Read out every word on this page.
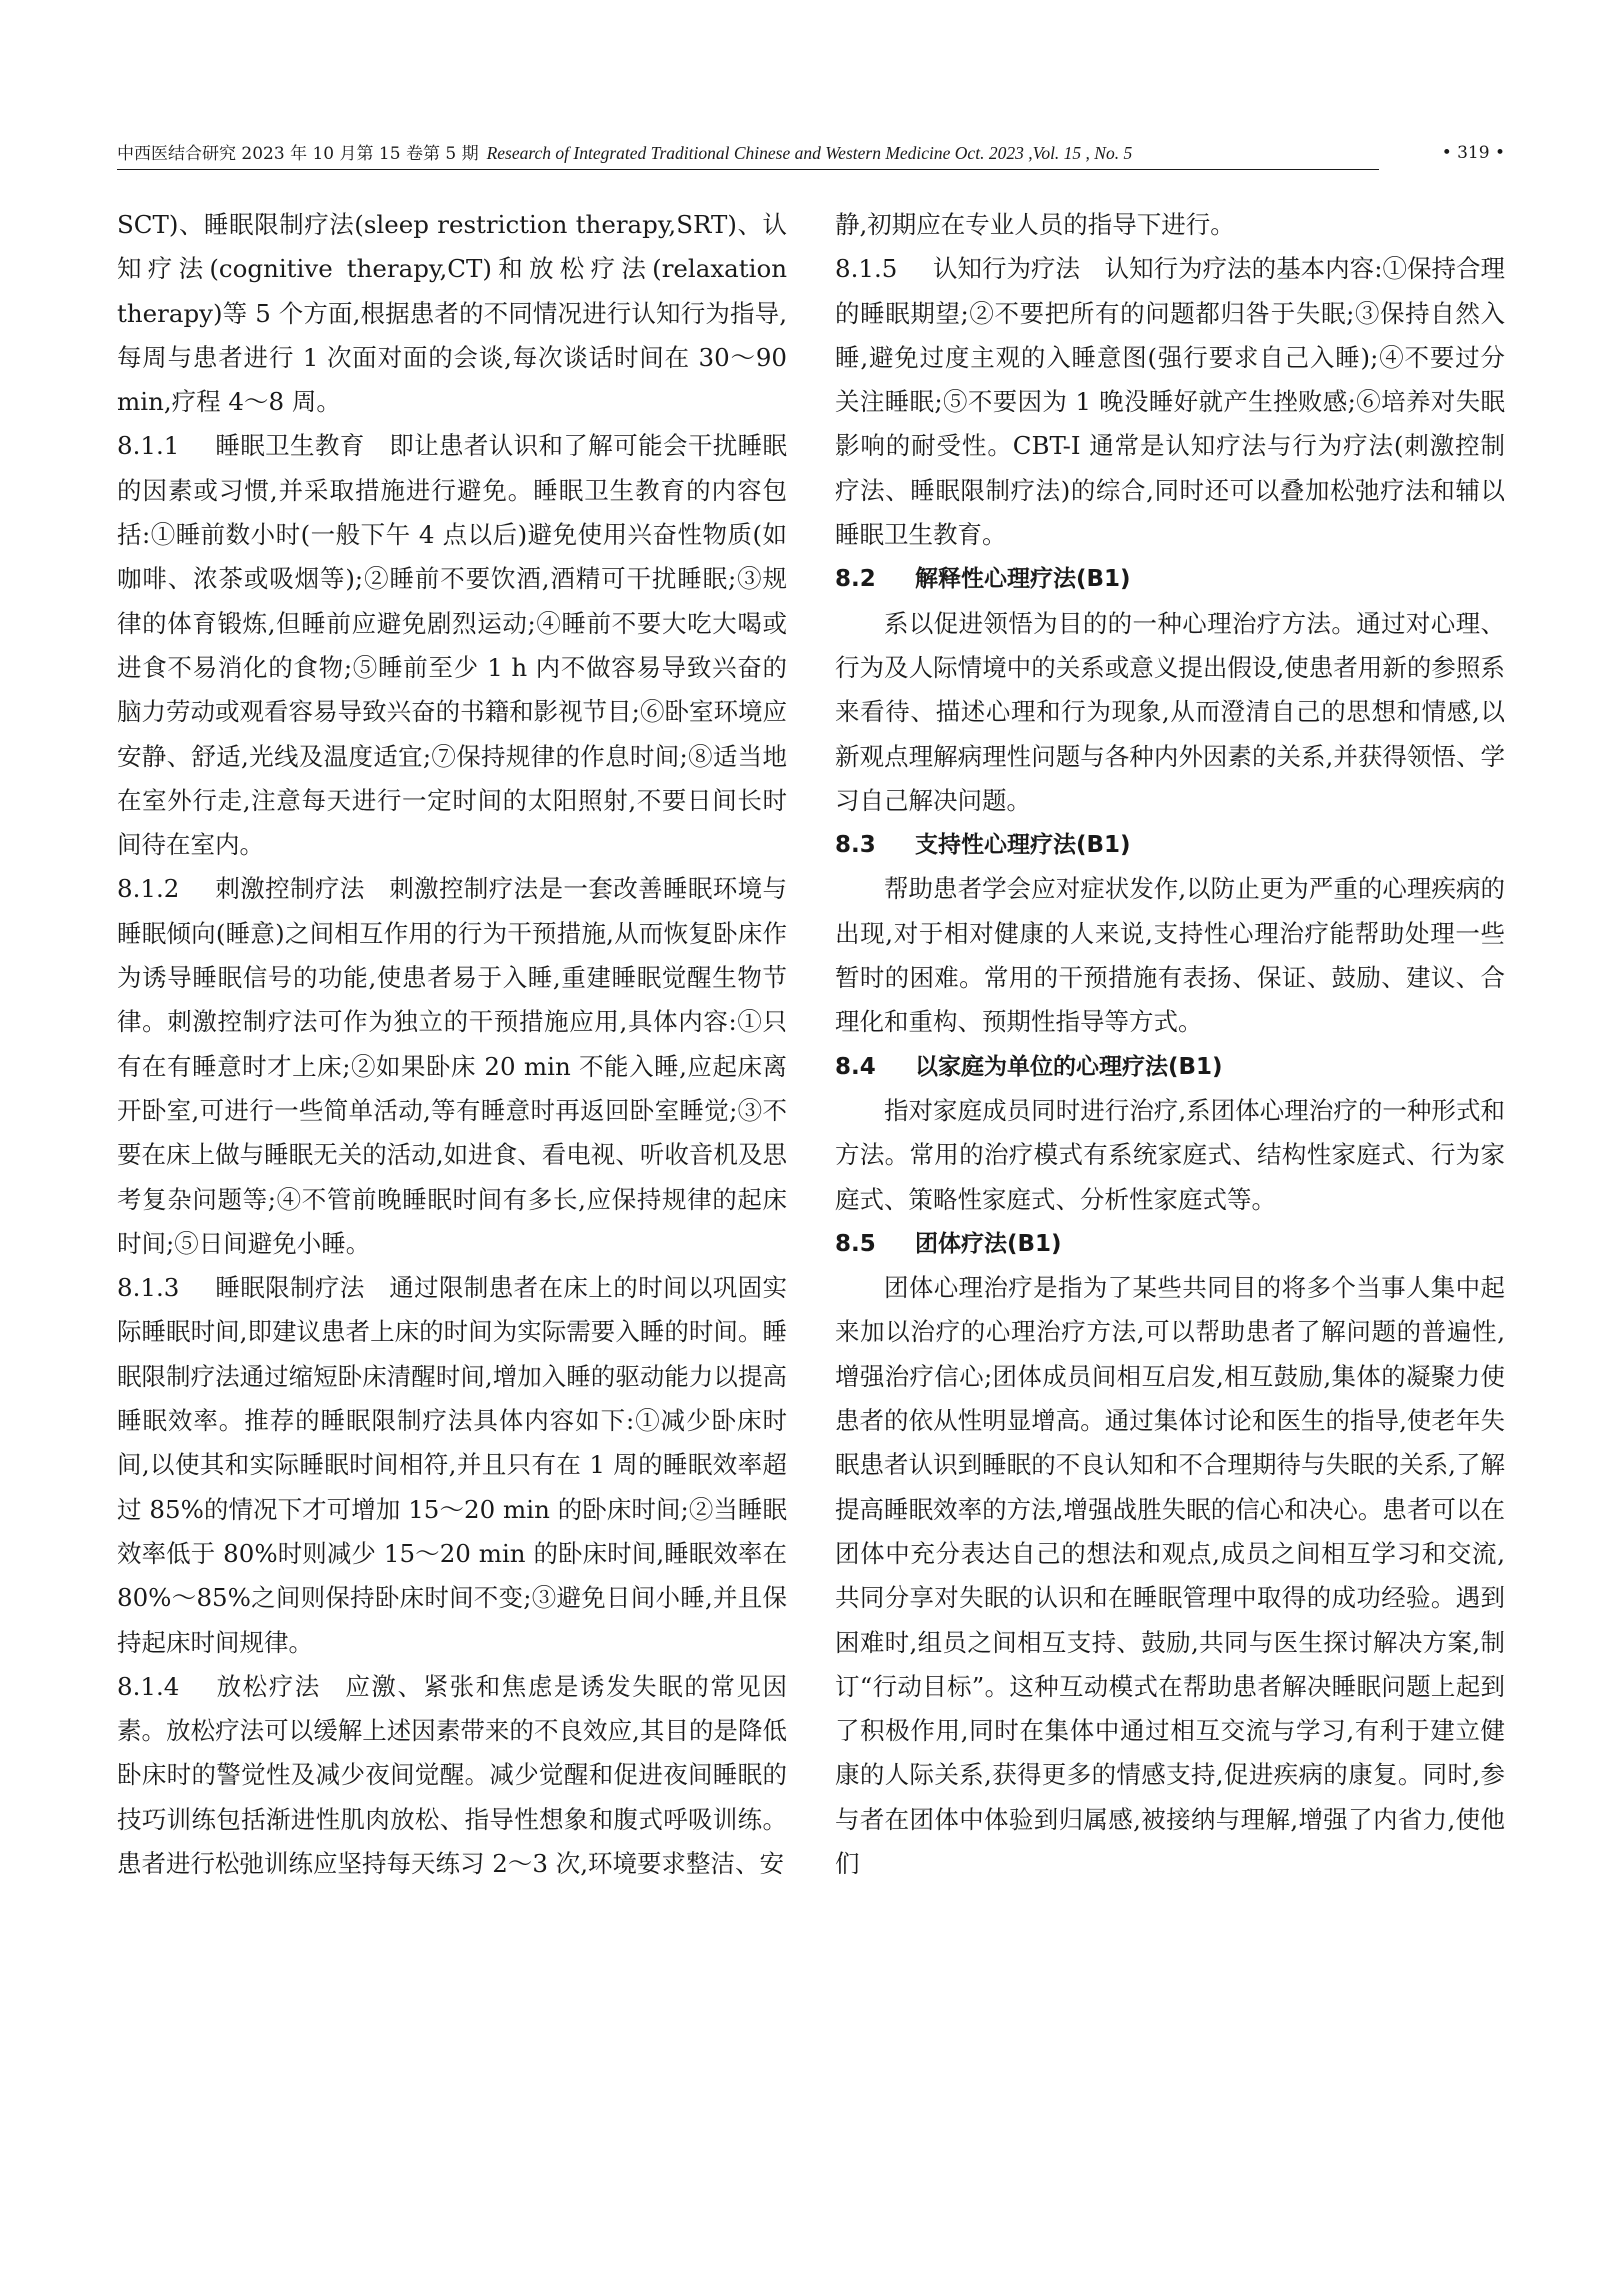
中西医结合研究 2023 年 10 月第 15 卷第 5 期 Research of Integrated Traditional Chinese and Western Medicine Oct. 2023 ,Vol. 15 , No. 5	• 319 •

SCT)、睡眠限制疗法(sleep restriction therapy,SRT)、认知疗法(cognitive therapy,CT)和放松疗法(relaxation therapy)等 5 个方面,根据患者的不同情况进行认知行为指导,每周与患者进行 1 次面对面的会谈,每次谈话时间在 30～90 min,疗程 4～8 周。

8.1.1 睡眠卫生教育 即让患者认识和了解可能会干扰睡眠的因素或习惯,并采取措施进行避免。睡眠卫生教育的内容包括:①睡前数小时(一般下午 4 点以后)避免使用兴奋性物质(如咖啡、浓茶或吸烟等);②睡前不要饮酒,酒精可干扰睡眠;③规律的体育锻炼,但睡前应避免剧烈运动;④睡前不要大吃大喝或进食不易消化的食物;⑤睡前至少 1 h 内不做容易导致兴奋的脑力劳动或观看容易导致兴奋的书籍和影视节目;⑥卧室环境应安静、舒适,光线及温度适宜;⑦保持规律的作息时间;⑧适当地在室外行走,注意每天进行一定时间的太阳照射,不要日间长时间待在室内。

8.1.2 刺激控制疗法 刺激控制疗法是一套改善睡眠环境与睡眠倾向(睡意)之间相互作用的行为干预措施,从而恢复卧床作为诱导睡眠信号的功能,使患者易于入睡,重建睡眠觉醒生物节律。刺激控制疗法可作为独立的干预措施应用,具体内容:①只有在有睡意时才上床;②如果卧床 20 min 不能入睡,应起床离开卧室,可进行一些简单活动,等有睡意时再返回卧室睡觉;③不要在床上做与睡眠无关的活动,如进食、看电视、听收音机及思考复杂问题等;④不管前晚睡眠时间有多长,应保持规律的起床时间;⑤日间避免小睡。

8.1.3 睡眠限制疗法 通过限制患者在床上的时间以巩固实际睡眠时间,即建议患者上床的时间为实际需要入睡的时间。睡眠限制疗法通过缩短卧床清醒时间,增加入睡的驱动能力以提高睡眠效率。推荐的睡眠限制疗法具体内容如下:①减少卧床时间,以使其和实际睡眠时间相符,并且只有在 1 周的睡眠效率超过 85%的情况下才可增加 15～20 min 的卧床时间;②当睡眠效率低于 80%时则减少 15～20 min 的卧床时间,睡眠效率在 80%～85%之间则保持卧床时间不变;③避免日间小睡,并且保持起床时间规律。

8.1.4 放松疗法 应激、紧张和焦虑是诱发失眠的常见因素。放松疗法可以缓解上述因素带来的不良效应,其目的是降低卧床时的警觉性及减少夜间觉醒。减少觉醒和促进夜间睡眠的技巧训练包括渐进性肌肉放松、指导性想象和腹式呼吸训练。患者进行松弛训练应坚持每天练习 2～3 次,环境要求整洁、安

静,初期应在专业人员的指导下进行。

8.1.5 认知行为疗法 认知行为疗法的基本内容:①保持合理的睡眠期望;②不要把所有的问题都归咎于失眠;③保持自然入睡,避免过度主观的入睡意图(强行要求自己入睡);④不要过分关注睡眠;⑤不要因为 1 晚没睡好就产生挫败感;⑥培养对失眠影响的耐受性。CBT-I 通常是认知疗法与行为疗法(刺激控制疗法、睡眠限制疗法)的综合,同时还可以叠加松弛疗法和辅以睡眠卫生教育。

8.2 解释性心理疗法(B1)

系以促进领悟为目的的一种心理治疗方法。通过对心理、行为及人际情境中的关系或意义提出假设,使患者用新的参照系来看待、描述心理和行为现象,从而澄清自己的思想和情感,以新观点理解病理性问题与各种内外因素的关系,并获得领悟、学习自己解决问题。

8.3 支持性心理疗法(B1)

帮助患者学会应对症状发作,以防止更为严重的心理疾病的出现,对于相对健康的人来说,支持性心理治疗能帮助处理一些暂时的困难。常用的干预措施有表扬、保证、鼓励、建议、合理化和重构、预期性指导等方式。

8.4 以家庭为单位的心理疗法(B1)

指对家庭成员同时进行治疗,系团体心理治疗的一种形式和方法。常用的治疗模式有系统家庭式、结构性家庭式、行为家庭式、策略性家庭式、分析性家庭式等。

8.5 团体疗法(B1)

团体心理治疗是指为了某些共同目的将多个当事人集中起来加以治疗的心理治疗方法,可以帮助患者了解问题的普遍性,增强治疗信心;团体成员间相互启发,相互鼓励,集体的凝聚力使患者的依从性明显增高。通过集体讨论和医生的指导,使老年失眠患者认识到睡眠的不良认知和不合理期待与失眠的关系,了解提高睡眠效率的方法,增强战胜失眠的信心和决心。患者可以在团体中充分表达自己的想法和观点,成员之间相互学习和交流,共同分享对失眠的认识和在睡眠管理中取得的成功经验。遇到困难时,组员之间相互支持、鼓励,共同与医生探讨解决方案,制订“行动目标”。这种互动模式在帮助患者解决睡眠问题上起到了积极作用,同时在集体中通过相互交流与学习,有利于建立健康的人际关系,获得更多的情感支持,促进疾病的康复。同时,参与者在团体中体验到归属感,被接纳与理解,增强了内省力,使他们
